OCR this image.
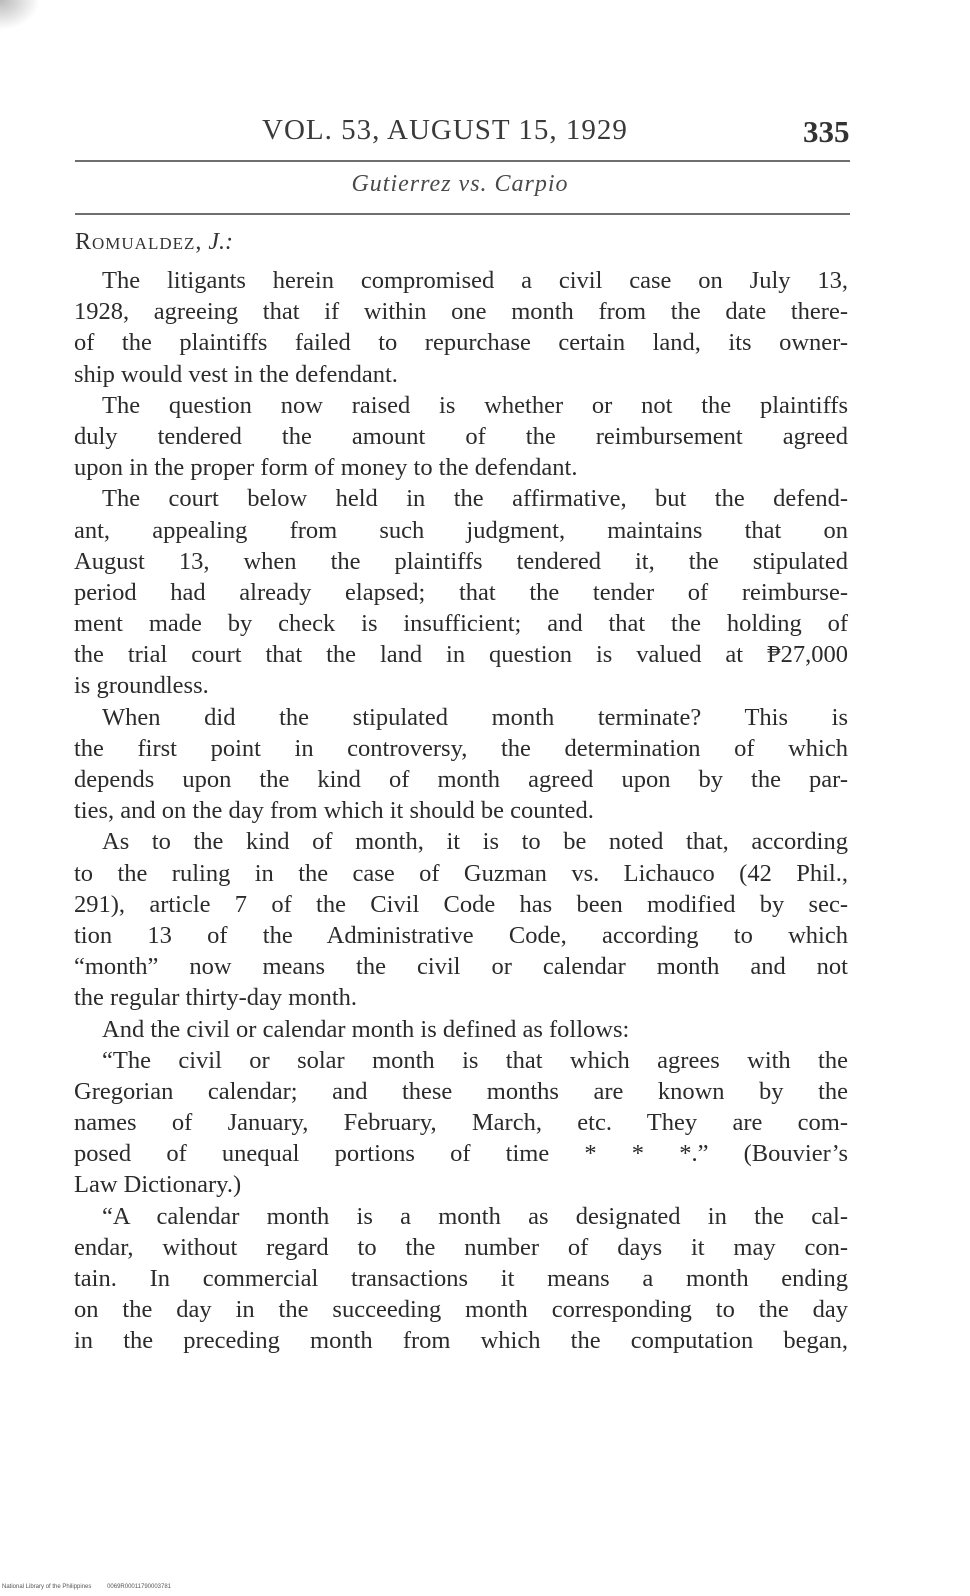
VOL. 53, AUGUST 15, 1929	335
Gutierrez vs. Carpio
Romualdez, J.:
The litigants herein compromised a civil case on July 13,
1928, agreeing that if within one month from the date there-
of the plaintiffs failed to repurchase certain land, its owner-
ship would vest in the defendant.
The question now raised is whether or not the plaintiffs
duly tendered the amount of the reimbursement agreed
upon in the proper form of money to the defendant.
The court below held in the affirmative, but the defend-
ant, appealing from such judgment, maintains that on
August 13, when the plaintiffs tendered it, the stipulated
period had already elapsed; that the tender of reimburse-
ment made by check is insufficient; and that the holding of
the trial court that the land in question is valued at ₱27,000
is groundless.
When did the stipulated month terminate? This is
the first point in controversy, the determination of which
depends upon the kind of month agreed upon by the par-
ties, and on the day from which it should be counted.
As to the kind of month, it is to be noted that, according
to the ruling in the case of Guzman vs. Lichauco (42 Phil.,
291), article 7 of the Civil Code has been modified by sec-
tion 13 of the Administrative Code, according to which
“month” now means the civil or calendar month and not
the regular thirty-day month.
And the civil or calendar month is defined as follows:
“The civil or solar month is that which agrees with the
Gregorian calendar; and these months are known by the
names of January, February, March, etc. They are com-
posed of unequal portions of time * * *.” (Bouvier’s
Law Dictionary.)
“A calendar month is a month as designated in the cal-
endar, without regard to the number of days it may con-
tain. In commercial transactions it means a month ending
on the day in the succeeding month corresponding to the day
in the preceding month from which the computation began,
National Library of the Philippines	0069R00011790003781
